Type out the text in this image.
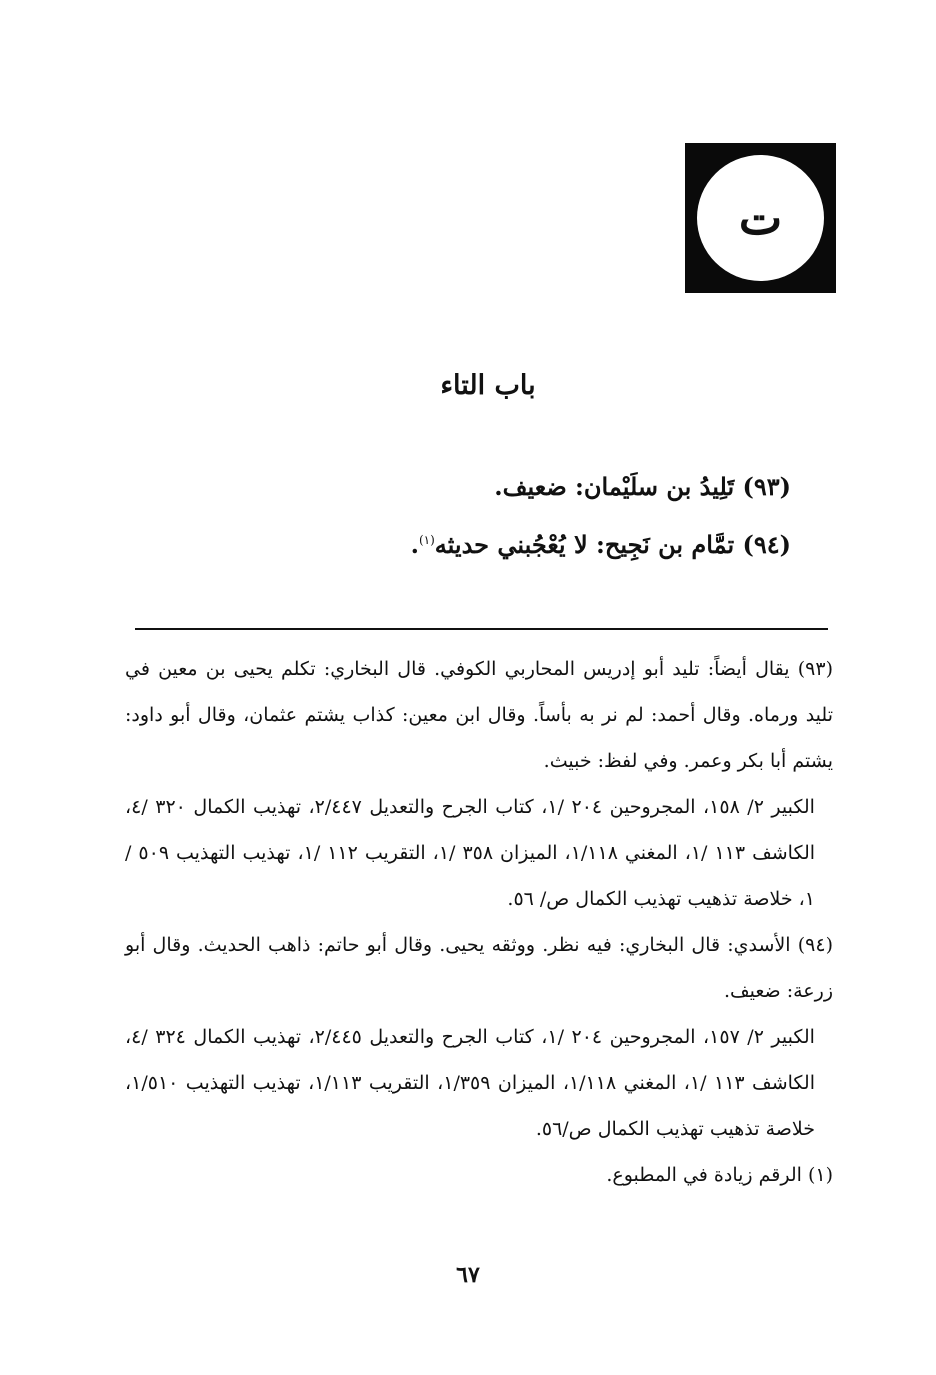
ت
باب التاء
(٩٣) تَلِيدُ بن سلَيْمان: ضعيف.
(٩٤) تمَّام بن نَجِيح: لا يُعْجُبني حديثه$^{(١)}$.

(٩٣) يقال أيضاً: تليد أبو إدريس المحاربي الكوفي. قال البخاري: تكلم يحيى بن معين في تليد ورماه. وقال أحمد: لم نر به بأساً. وقال ابن معين: كذاب يشتم عثمان، وقال أبو داود: يشتم أبا بكر وعمر. وفي لفظ: خبيث.

الكبير ٢/ ١٥٨، المجروحين ٢٠٤ /١، كتاب الجرح والتعديل ٢/٤٤٧، تهذيب الكمال ٣٢٠ /٤، الكاشف ١١٣ /١، المغني ١/١١٨، الميزان ٣٥٨ /١، التقريب ١١٢ /١، تهذيب التهذيب ٥٠٩ /١، خلاصة تذهيب تهذيب الكمال ص/ ٥٦.

(٩٤) الأسدي: قال البخاري: فيه نظر. ووثقه يحيى. وقال أبو حاتم: ذاهب الحديث. وقال أبو زرعة: ضعيف.

الكبير ٢/ ١٥٧، المجروحين ٢٠٤ /١، كتاب الجرح والتعديل ٢/٤٤٥، تهذيب الكمال ٣٢٤ /٤، الكاشف ١١٣ /١، المغني ١/١١٨، الميزان ١/٣٥٩، التقريب ١/١١٣، تهذيب التهذيب ١/٥١٠، خلاصة تذهيب تهذيب الكمال ص/٥٦.

(١) الرقم زيادة في المطبوع.

٦٧
